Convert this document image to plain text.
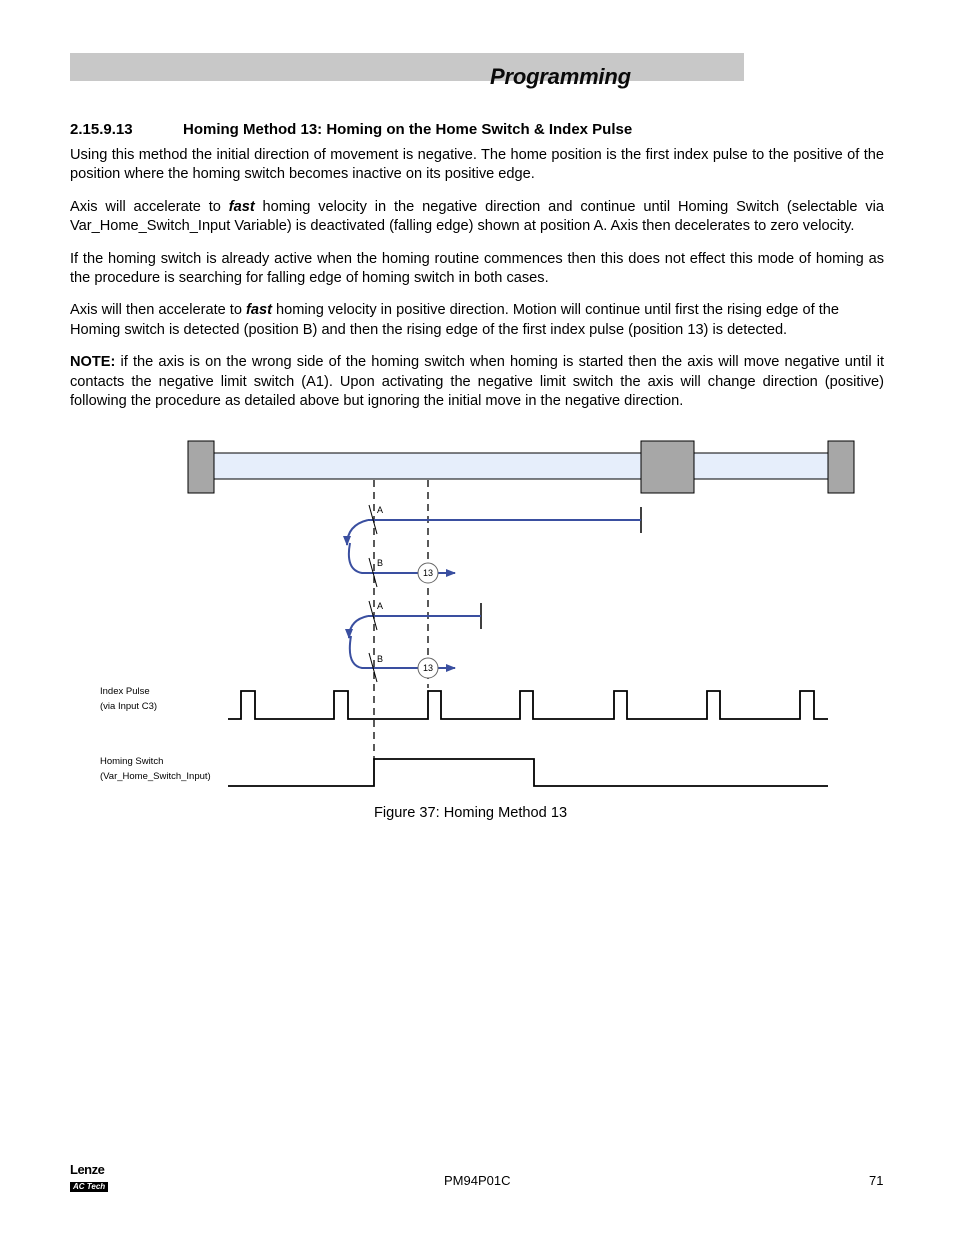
Programming
2.15.9.13	Homing Method 13: Homing on the Home Switch & Index Pulse

Using this method the initial direction of movement is negative. The home position is the first index pulse to the positive of the position where the homing switch becomes inactive on its positive edge.

Axis will accelerate to fast homing velocity in the negative direction and continue until Homing Switch (selectable via Var_Home_Switch_Input Variable) is deactivated (falling edge) shown at position A. Axis then decelerates to zero velocity.

If the homing switch is already active when the homing routine commences then this does not effect this mode of homing as the procedure is searching for falling edge of homing switch in both cases.

Axis will then accelerate to fast homing velocity in positive direction. Motion will continue until first the rising edge of the Homing switch is detected (position B) and then the rising edge of the first index pulse (position 13) is detected.

NOTE: if the axis is on the wrong side of the homing switch when homing is started then the axis will move negative until it contacts the negative limit switch (A1). Upon activating the negative limit switch the axis will change direction (positive) following the procedure as detailed above but ignoring the initial move in the negative direction.

A
B
13
A
B
13
Index Pulse
(via Input C3)
Homing Switch
(Var_Home_Switch_Input)
Figure 37: Homing Method 13
Lenze
AC Tech	PM94P01C	71
